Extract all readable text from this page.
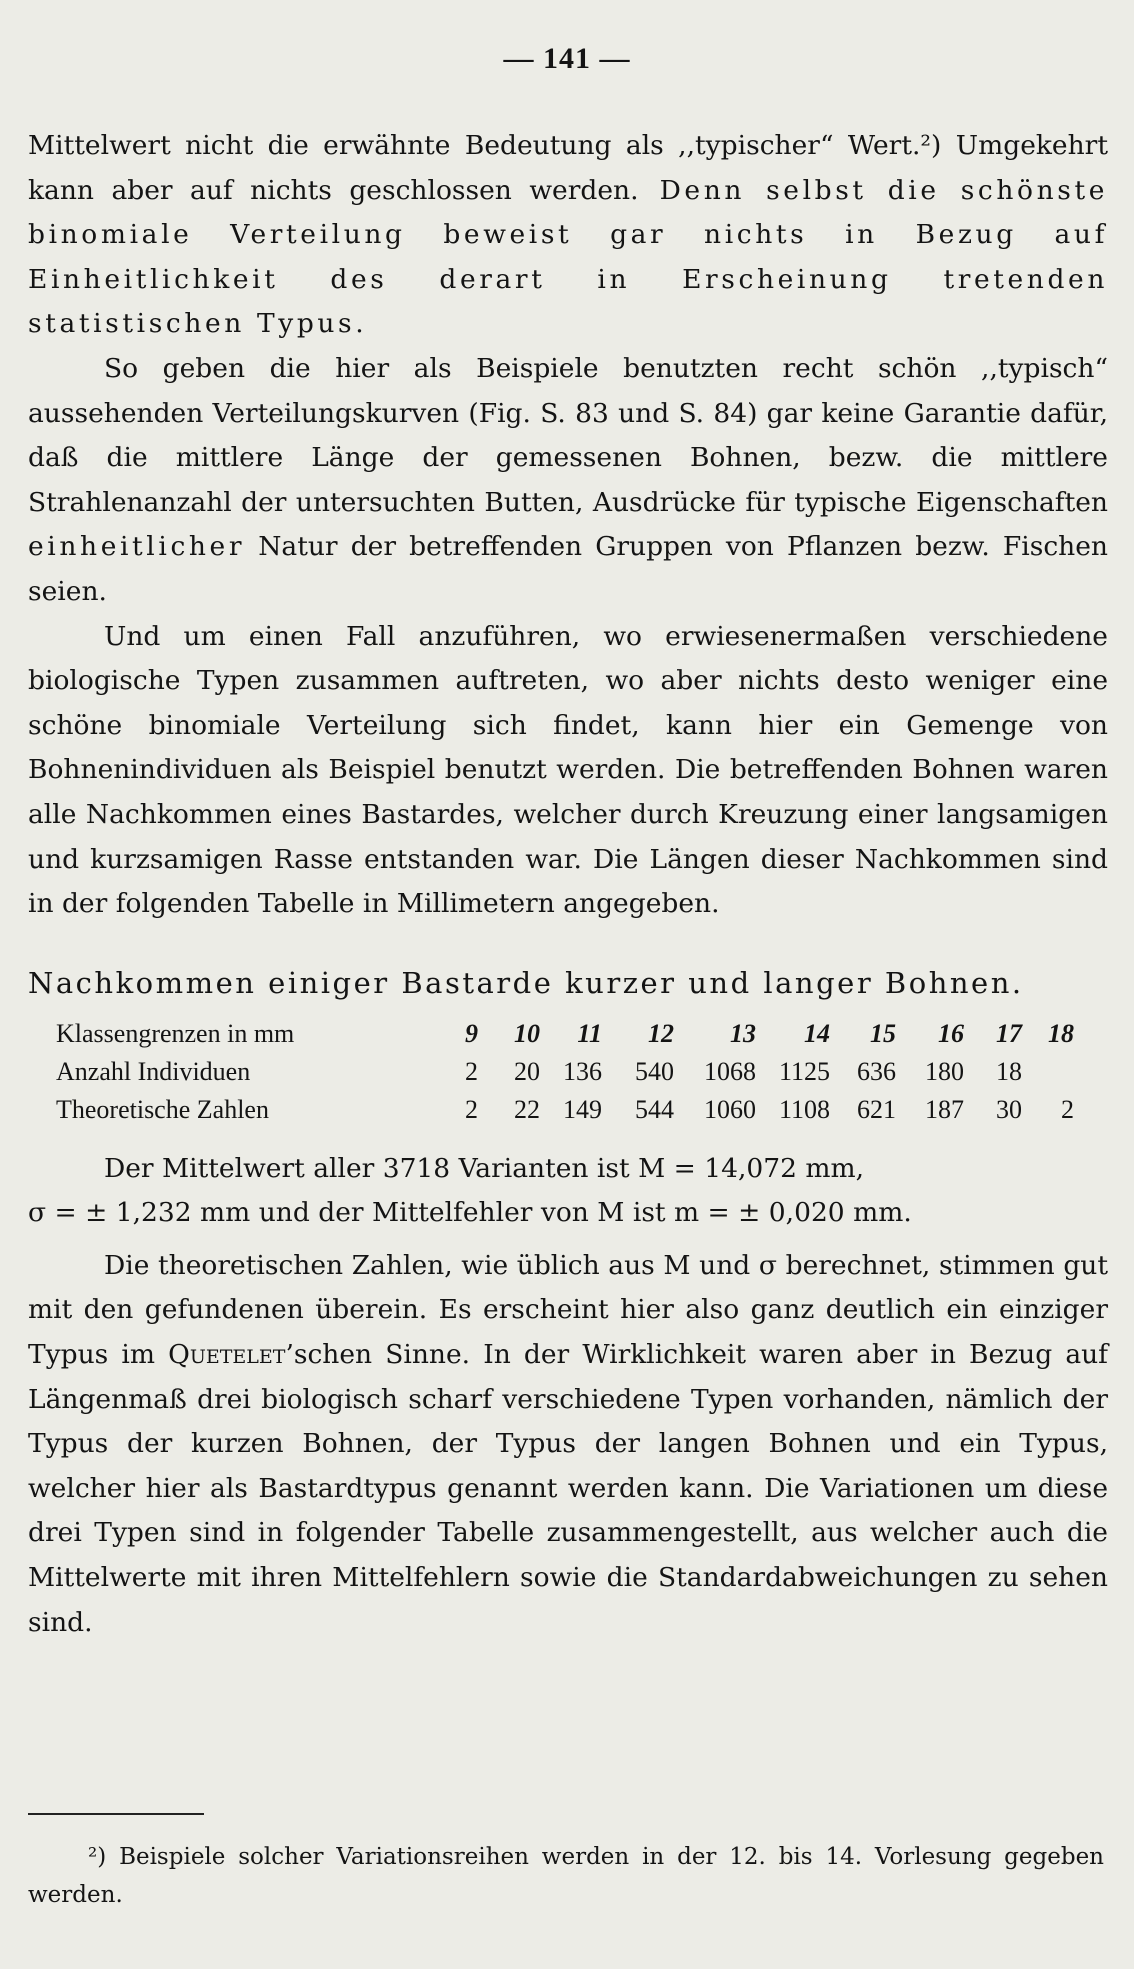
— 141 —

Mittelwert nicht die erwähnte Bedeutung als ,,typischer“ Wert.²) Umgekehrt kann aber auf nichts geschlossen werden. Denn selbst die schönste binomiale Verteilung beweist gar nichts in Bezug auf Einheitlichkeit des derart in Erscheinung tretenden statistischen Typus.

So geben die hier als Beispiele benutzten recht schön ,,typisch“ aussehenden Verteilungskurven (Fig. S. 83 und S. 84) gar keine Garantie dafür, daß die mittlere Länge der gemessenen Bohnen, bezw. die mittlere Strahlenanzahl der untersuchten Butten, Ausdrücke für typische Eigenschaften einheitlicher Natur der betreffenden Gruppen von Pflanzen bezw. Fischen seien.

Und um einen Fall anzuführen, wo erwiesenermaßen verschiedene biologische Typen zusammen auftreten, wo aber nichts desto weniger eine schöne binomiale Verteilung sich findet, kann hier ein Gemenge von Bohnenindividuen als Beispiel benutzt werden. Die betreffenden Bohnen waren alle Nachkommen eines Bastardes, welcher durch Kreuzung einer langsamigen und kurzsamigen Rasse entstanden war. Die Längen dieser Nachkommen sind in der folgenden Tabelle in Millimetern angegeben.

Nachkommen einiger Bastarde kurzer und langer Bohnen.
Klassengrenzen in mm	9	10	11	12	13	14	15	16	17	18
Anzahl Individuen	2	20	136	540	1068	1125	636	180	18	
Theoretische Zahlen	2	22	149	544	1060	1108	621	187	30	2

Der Mittelwert aller 3718 Varianten ist M = 14,072 mm,
σ = ± 1,232 mm und der Mittelfehler von M ist m = ± 0,020 mm.

Die theoretischen Zahlen, wie üblich aus M und σ berechnet, stimmen gut mit den gefundenen überein. Es erscheint hier also ganz deutlich ein einziger Typus im Quetelet’schen Sinne. In der Wirklichkeit waren aber in Bezug auf Längenmaß drei biologisch scharf verschiedene Typen vorhanden, nämlich der Typus der kurzen Bohnen, der Typus der langen Bohnen und ein Typus, welcher hier als Bastardtypus genannt werden kann. Die Variationen um diese drei Typen sind in folgender Tabelle zusammengestellt, aus welcher auch die Mittelwerte mit ihren Mittelfehlern sowie die Standardabweichungen zu sehen sind.

²) Beispiele solcher Variationsreihen werden in der 12. bis 14. Vorlesung gegeben werden.
